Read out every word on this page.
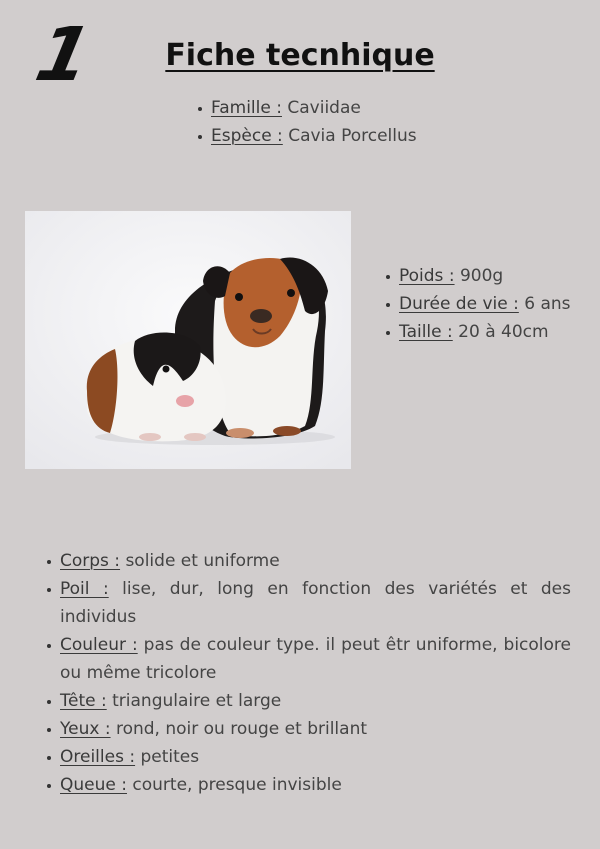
1	Fiche tecnhique
Famille : Caviidae
Espèce : Cavia Porcellus
Poids : 900g
Durée de vie : 6 ans
Taille : 20 à 40cm
Corps : solide et uniforme
Poil : lise, dur, long en fonction des variétés et des individus
Couleur : pas de couleur type. il peut êtr uniforme, bicolore ou même tricolore
Tête : triangulaire et large
Yeux : rond, noir ou rouge et brillant
Oreilles : petites
Queue : courte, presque invisible
